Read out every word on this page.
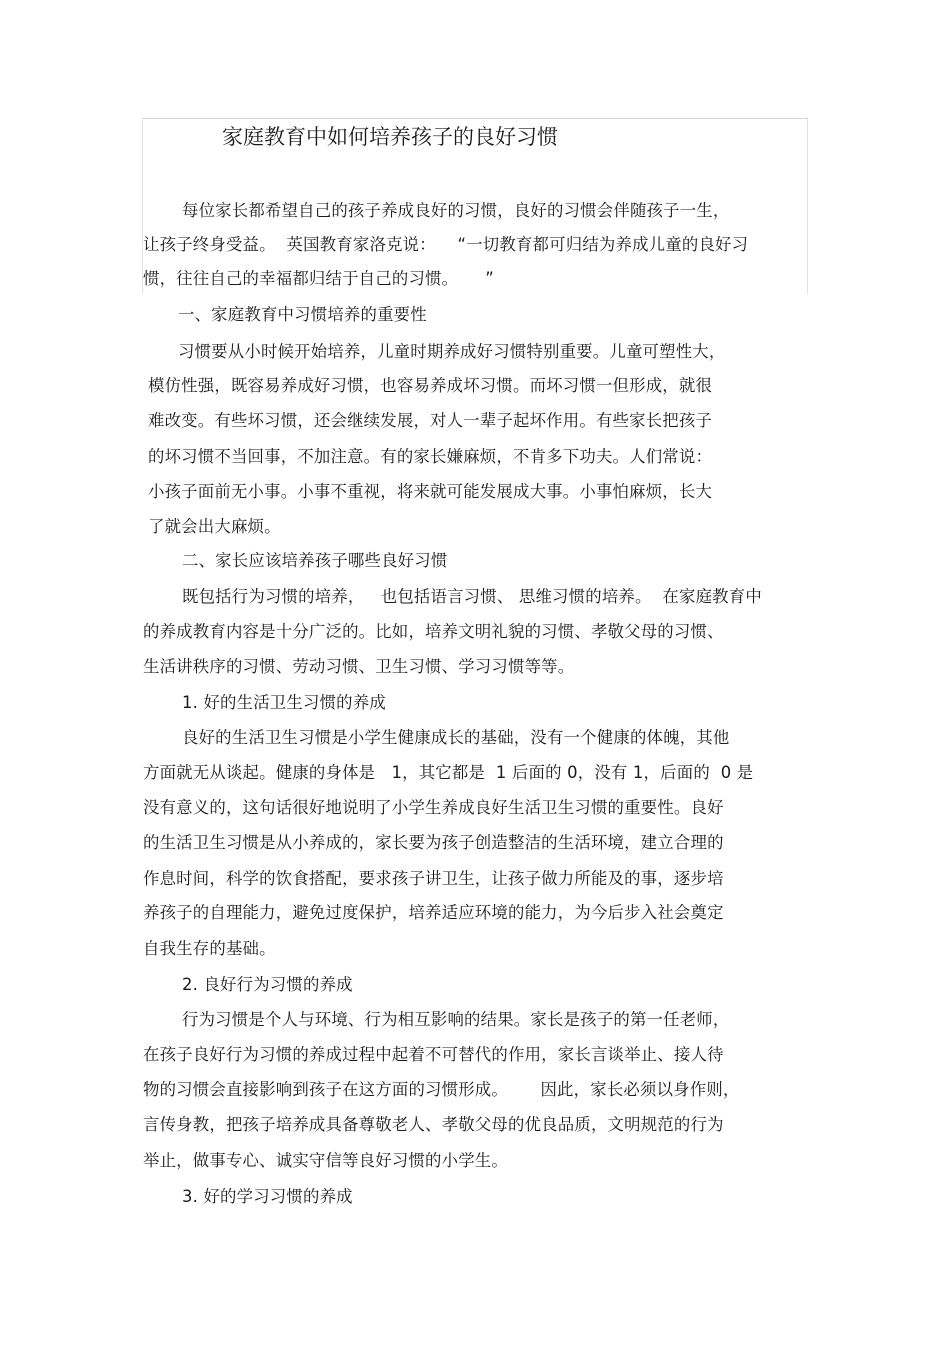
家庭教育中如何培养孩子的良好习惯
每位家长都希望自己的孩子养成良好的习惯，良好的习惯会伴随孩子一生，
让孩子终身受益。  英国教育家洛克说：    “一切教育都可归结为养成儿童的良好习
惯，往往自己的幸福都归结于自己的习惯。     ”
一、家庭教育中习惯培养的重要性
习惯要从小时候开始培养，儿童时期养成好习惯特别重要。儿童可塑性大，
模仿性强，既容易养成好习惯，也容易养成坏习惯。而坏习惯一但形成，就很
难改变。有些坏习惯，还会继续发展，对人一辈子起坏作用。有些家长把孩子
的坏习惯不当回事，不加注意。有的家长嫌麻烦，不肯多下功夫。人们常说：
小孩子面前无小事。小事不重视，将来就可能发展成大事。小事怕麻烦，长大
了就会出大麻烦。
二、家长应该培养孩子哪些良好习惯
既包括行为习惯的培养，   也包括语言习惯、 思维习惯的培养。  在家庭教育中
的养成教育内容是十分广泛的。比如，培养文明礼貌的习惯、孝敬父母的习惯、
生活讲秩序的习惯、劳动习惯、卫生习惯、学习习惯等等。
1. 好的生活卫生习惯的养成
良好的生活卫生习惯是小学生健康成长的基础，没有一个健康的体魄，其他
方面就无从谈起。健康的身体是   1，其它都是  1 后面的 0，没有 1，后面的  0 是
没有意义的，这句话很好地说明了小学生养成良好生活卫生习惯的重要性。良好
的生活卫生习惯是从小养成的，家长要为孩子创造整洁的生活环境，建立合理的
作息时间，科学的饮食搭配，要求孩子讲卫生，让孩子做力所能及的事，逐步培
养孩子的自理能力，避免过度保护，培养适应环境的能力，为今后步入社会奠定
自我生存的基础。
2. 良好行为习惯的养成
行为习惯是个人与环境、行为相互影响的结果。家长是孩子的第一任老师，
在孩子良好行为习惯的养成过程中起着不可替代的作用，家长言谈举止、接人待
物的习惯会直接影响到孩子在这方面的习惯形成。      因此，家长必须以身作则，
言传身教，把孩子培养成具备尊敬老人、孝敬父母的优良品质，文明规范的行为
举止，做事专心、诚实守信等良好习惯的小学生。
3. 好的学习习惯的养成
